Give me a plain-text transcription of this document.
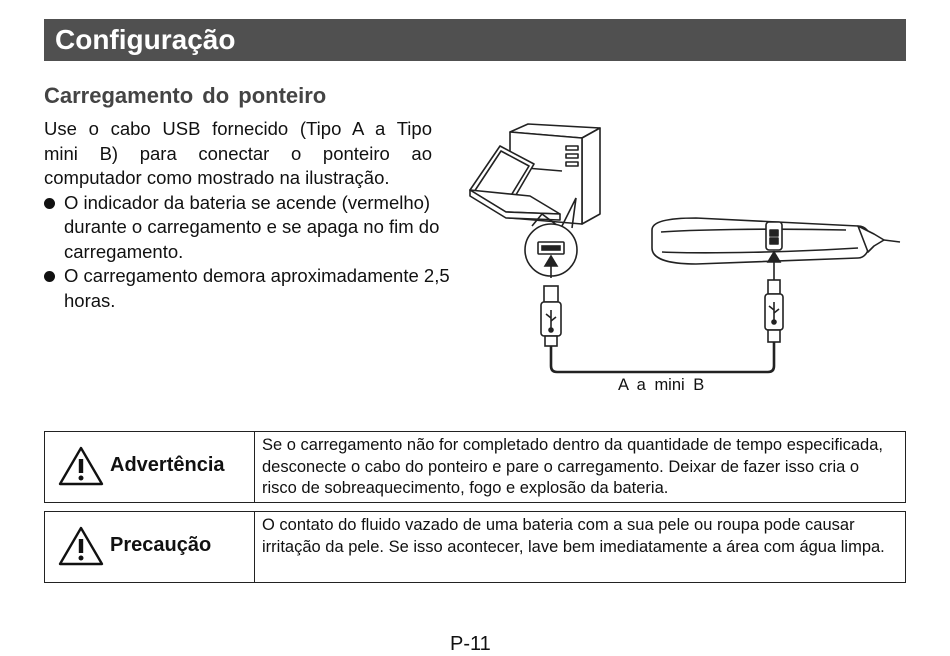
Configuração
Carregamento do ponteiro

Use o cabo USB fornecido (Tipo A a Tipo

mini B) para conectar o ponteiro ao

computador como mostrado na ilustração.

O indicador da bateria se acende (vermelho) durante o carregamento e se apaga no fim do carregamento.
O carregamento demora aproximadamente 2,5 horas.
A a mini B
Advertência
Se o carregamento não for completado dentro da quantidade de tempo especificada, desconecte o cabo do ponteiro e pare o carregamento. Deixar de fazer isso cria o risco de sobreaquecimento, fogo e explosão da bateria.
Precaução
O contato do fluido vazado de uma bateria com a sua pele ou roupa pode causar irritação da pele. Se isso acontecer, lave bem imediatamente a área com água limpa.
P-11
